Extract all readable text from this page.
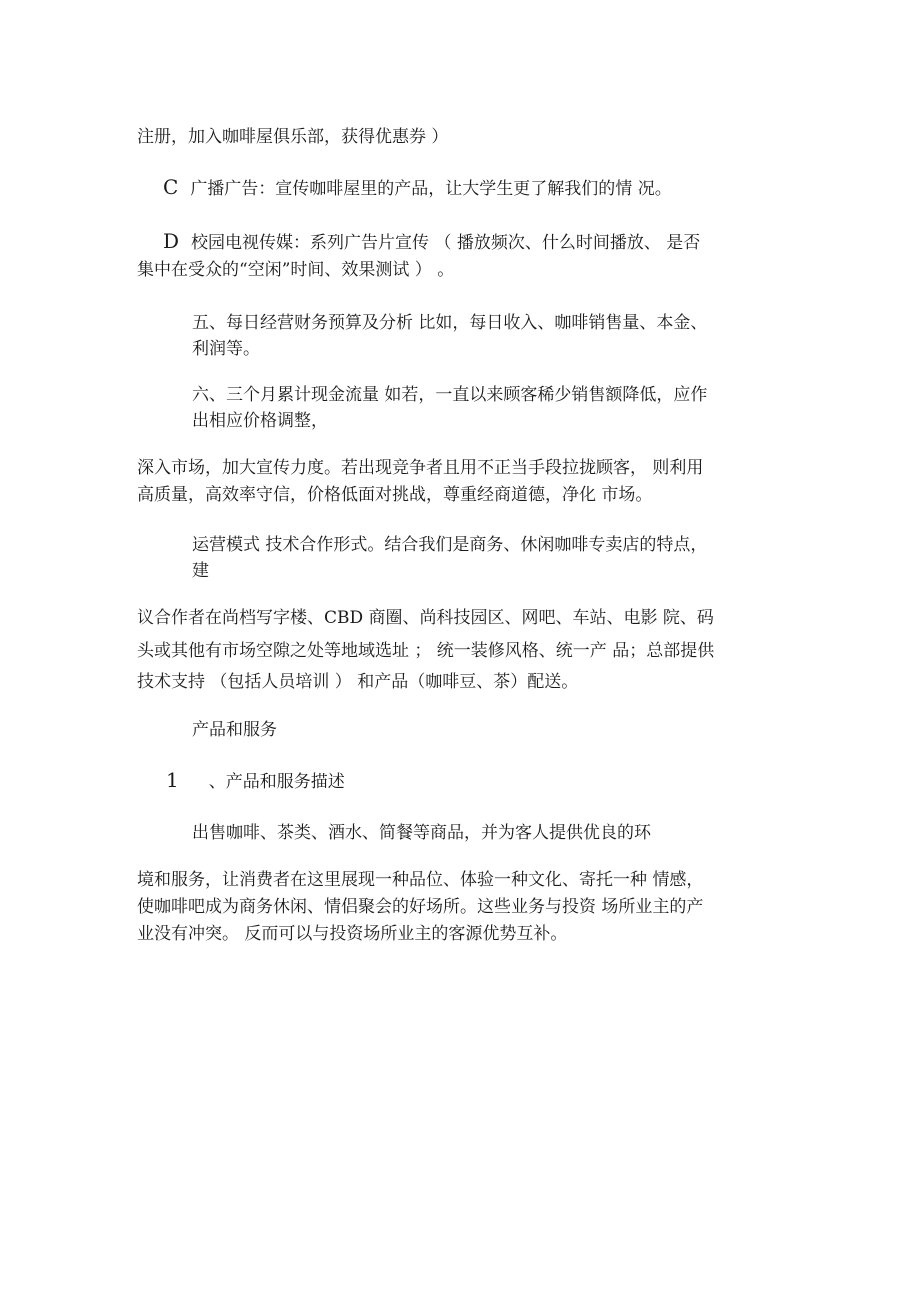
注册，加入咖啡屋俱乐部，获得优惠券 ）

C 广播广告：宣传咖啡屋里的产品，让大学生更了解我们的情 况。

D 校园电视传媒：系列广告片宣传 （ 播放频次、什么时间播放、 是否

集中在受众的“空闲”时间、效果测试 ） 。

五、每日经营财务预算及分析 比如，每日收入、咖啡销售量、本金、

利润等。

六、三个月累计现金流量 如若，一直以来顾客稀少销售额降低，应作

出相应价格调整，

深入市场，加大宣传力度。若出现竞争者且用不正当手段拉拢顾客， 则利用

高质量，高效率守信，价格低面对挑战，尊重经商道德，净化 市场。

运营模式 技术合作形式。结合我们是商务、休闲咖啡专卖店的特点，

建

议合作者在尚档写字楼、CBD 商圈、尚科技园区、网吧、车站、电影 院、码

头或其他有市场空隙之处等地域选址 ； 统一装修风格、统一产 品；总部提供

技术支持 （包括人员培训 ） 和产品（咖啡豆、茶）配送。

产品和服务

1 、产品和服务描述

出售咖啡、茶类、酒水、简餐等商品，并为客人提供优良的环

境和服务，让消费者在这里展现一种品位、体验一种文化、寄托一种 情感，

使咖啡吧成为商务休闲、情侣聚会的好场所。这些业务与投资 场所业主的产

业没有冲突。 反而可以与投资场所业主的客源优势互补。
